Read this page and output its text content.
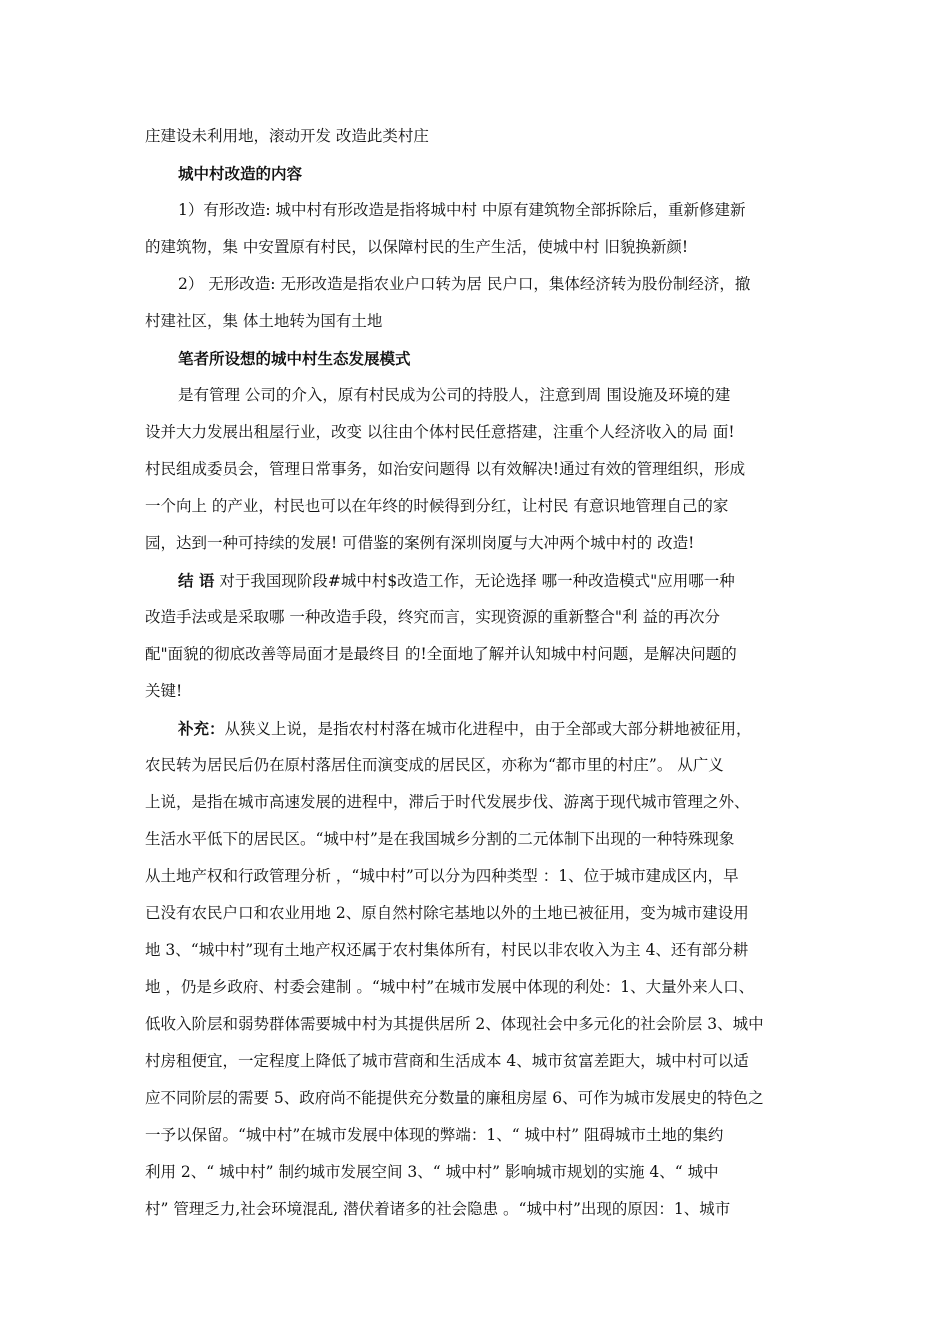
庄建设未利用地，滚动开发 改造此类村庄
城中村改造的内容
1）有形改造: 城中村有形改造是指将城中村 中原有建筑物全部拆除后，重新修建新
的建筑物，集 中安置原有村民，以保障村民的生产生活，使城中村 旧貌换新颜!
2） 无形改造: 无形改造是指农业户口转为居 民户口，集体经济转为股份制经济，撤
村建社区，集 体土地转为国有土地
笔者所设想的城中村生态发展模式
是有管理 公司的介入，原有村民成为公司的持股人，注意到周 围设施及环境的建
设并大力发展出租屋行业，改变 以往由个体村民任意搭建，注重个人经济收入的局 面!
村民组成委员会，管理日常事务，如治安问题得 以有效解决!通过有效的管理组织，形成
一个向上 的产业，村民也可以在年终的时候得到分红，让村民 有意识地管理自己的家
园，达到一种可持续的发展! 可借鉴的案例有深圳岗厦与大冲两个城中村的 改造!
结 语 对于我国现阶段#城中村$改造工作，无论选择 哪一种改造模式"应用哪一种
改造手法或是采取哪 一种改造手段，终究而言，实现资源的重新整合"利 益的再次分
配"面貌的彻底改善等局面才是最终目 的!全面地了解并认知城中村问题，是解决问题的
关键!
补充：从狭义上说，是指农村村落在城市化进程中，由于全部或大部分耕地被征用，
农民转为居民后仍在原村落居住而演变成的居民区，亦称为“都市里的村庄”。 从广义
上说，是指在城市高速发展的进程中，滞后于时代发展步伐、游离于现代城市管理之外、
生活水平低下的居民区。“城中村”是在我国城乡分割的二元体制下出现的一种特殊现象
从土地产权和行政管理分析 ，“城中村”可以分为四种类型 ：1、位于城市建成区内，早
已没有农民户口和农业用地 2、原自然村除宅基地以外的土地已被征用，变为城市建设用
地 3、“城中村”现有土地产权还属于农村集体所有，村民以非农收入为主 4、还有部分耕
地 ，仍是乡政府、村委会建制 。“城中村”在城市发展中体现的利处：1、大量外来人口、
低收入阶层和弱势群体需要城中村为其提供居所 2、体现社会中多元化的社会阶层 3、城中
村房租便宜，一定程度上降低了城市营商和生活成本 4、城市贫富差距大，城中村可以适
应不同阶层的需要 5、政府尚不能提供充分数量的廉租房屋 6、可作为城市发展史的特色之
一予以保留。“城中村”在城市发展中体现的弊端：1、“ 城中村” 阻碍城市土地的集约
利用 2、“ 城中村” 制约城市发展空间 3、“ 城中村” 影响城市规划的实施 4、“ 城中
村” 管理乏力,社会环境混乱, 潜伏着诸多的社会隐患 。“城中村”出现的原因：1、城市
